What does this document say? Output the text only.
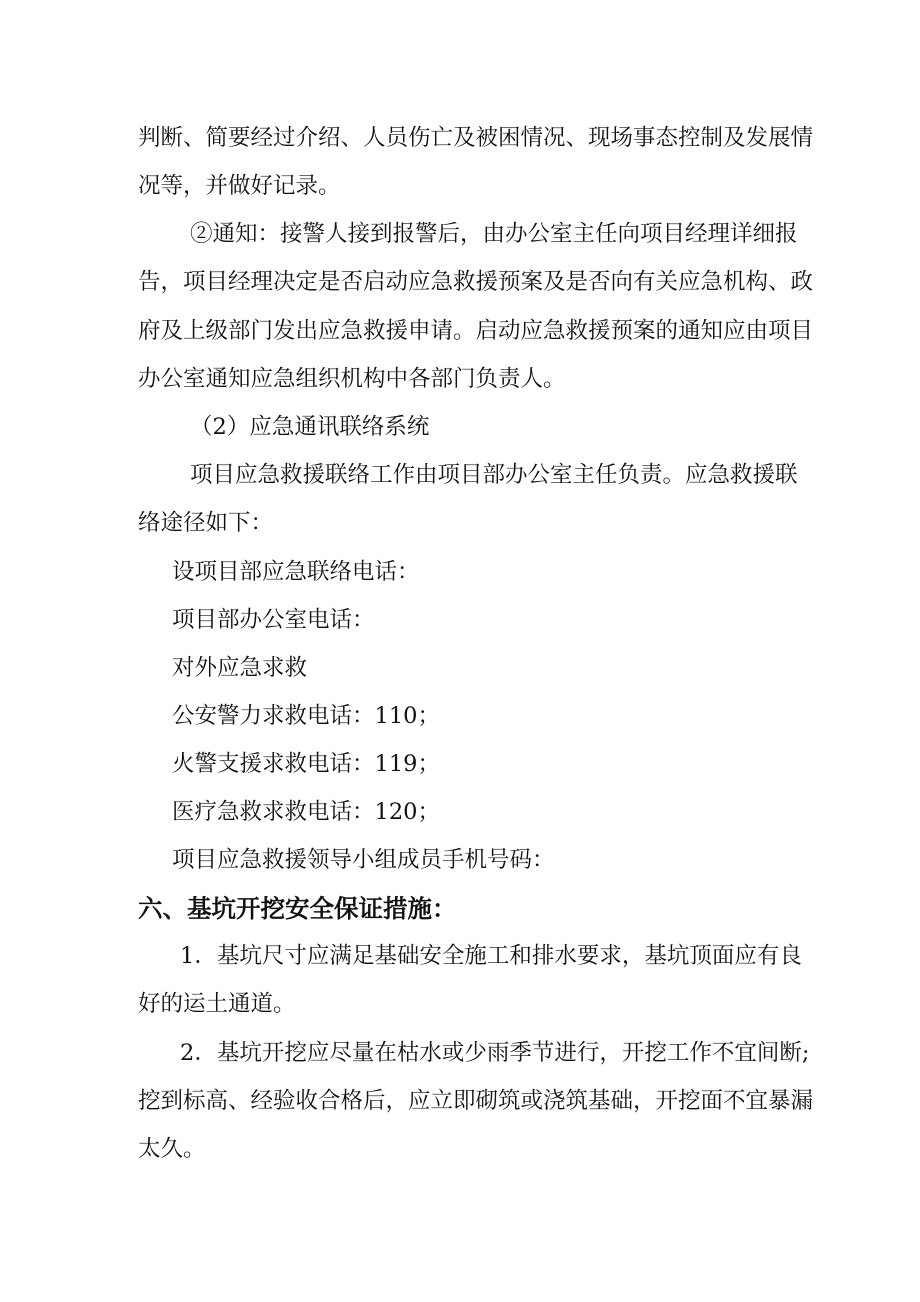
判断、简要经过介绍、人员伤亡及被困情况、现场事态控制及发展情
况等，并做好记录。
②通知：接警人接到报警后，由办公室主任向项目经理详细报
告，项目经理决定是否启动应急救援预案及是否向有关应急机构、政
府及上级部门发出应急救援申请。启动应急救援预案的通知应由项目
办公室通知应急组织机构中各部门负责人。
（2）应急通讯联络系统
项目应急救援联络工作由项目部办公室主任负责。应急救援联
络途径如下：
设项目部应急联络电话：
项目部办公室电话：
对外应急求救
公安警力求救电话：110；
火警支援求救电话：119；
医疗急救求救电话：120；
项目应急救援领导小组成员手机号码：
六、基坑开挖安全保证措施：
1．基坑尺寸应满足基础安全施工和排水要求，基坑顶面应有良
好的运土通道。
2．基坑开挖应尽量在枯水或少雨季节进行，开挖工作不宜间断;
挖到标高、经验收合格后，应立即砌筑或浇筑基础，开挖面不宜暴漏
太久。
